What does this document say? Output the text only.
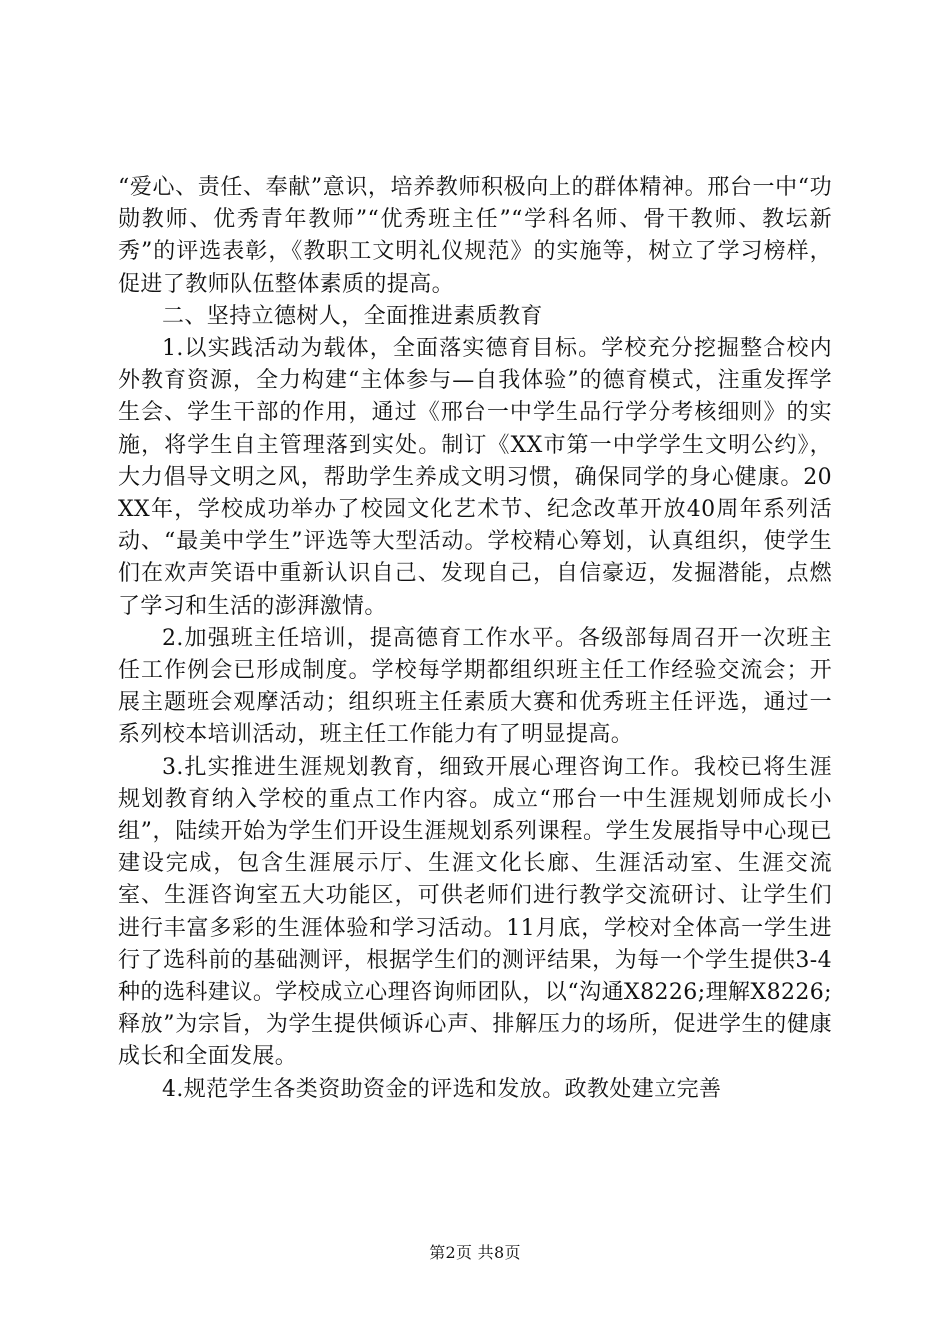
“爱心、责任、奉献”意识，培养教师积极向上的群体精神。邢台一中“功勋教师、优秀青年教师”“优秀班主任”“学科名师、骨干教师、教坛新秀”的评选表彰，《教职工文明礼仪规范》的实施等，树立了学习榜样，促进了教师队伍整体素质的提高。

二、坚持立德树人，全面推进素质教育

1.以实践活动为载体，全面落实德育目标。学校充分挖掘整合校内外教育资源，全力构建“主体参与—自我体验”的德育模式，注重发挥学生会、学生干部的作用，通过《邢台一中学生品行学分考核细则》的实施，将学生自主管理落到实处。制订《XX市第一中学学生文明公约》，大力倡导文明之风，帮助学生养成文明习惯，确保同学的身心健康。20XX年，学校成功举办了校园文化艺术节、纪念改革开放40周年系列活动、“最美中学生”评选等大型活动。学校精心筹划，认真组织，使学生们在欢声笑语中重新认识自己、发现自己，自信豪迈，发掘潜能，点燃了学习和生活的澎湃激情。

2.加强班主任培训，提高德育工作水平。各级部每周召开一次班主任工作例会已形成制度。学校每学期都组织班主任工作经验交流会；开展主题班会观摩活动；组织班主任素质大赛和优秀班主任评选，通过一系列校本培训活动，班主任工作能力有了明显提高。

3.扎实推进生涯规划教育，细致开展心理咨询工作。我校已将生涯规划教育纳入学校的重点工作内容。成立“邢台一中生涯规划师成长小组”，陆续开始为学生们开设生涯规划系列课程。学生发展指导中心现已建设完成，包含生涯展示厅、生涯文化长廊、生涯活动室、生涯交流室、生涯咨询室五大功能区，可供老师们进行教学交流研讨、让学生们进行丰富多彩的生涯体验和学习活动。11月底，学校对全体高一学生进行了选科前的基础测评，根据学生们的测评结果，为每一个学生提供3-4种的选科建议。学校成立心理咨询师团队，以“沟通X8226;理解X8226;释放”为宗旨，为学生提供倾诉心声、排解压力的场所，促进学生的健康成长和全面发展。

4.规范学生各类资助资金的评选和发放。政教处建立完善

第2页 共8页
